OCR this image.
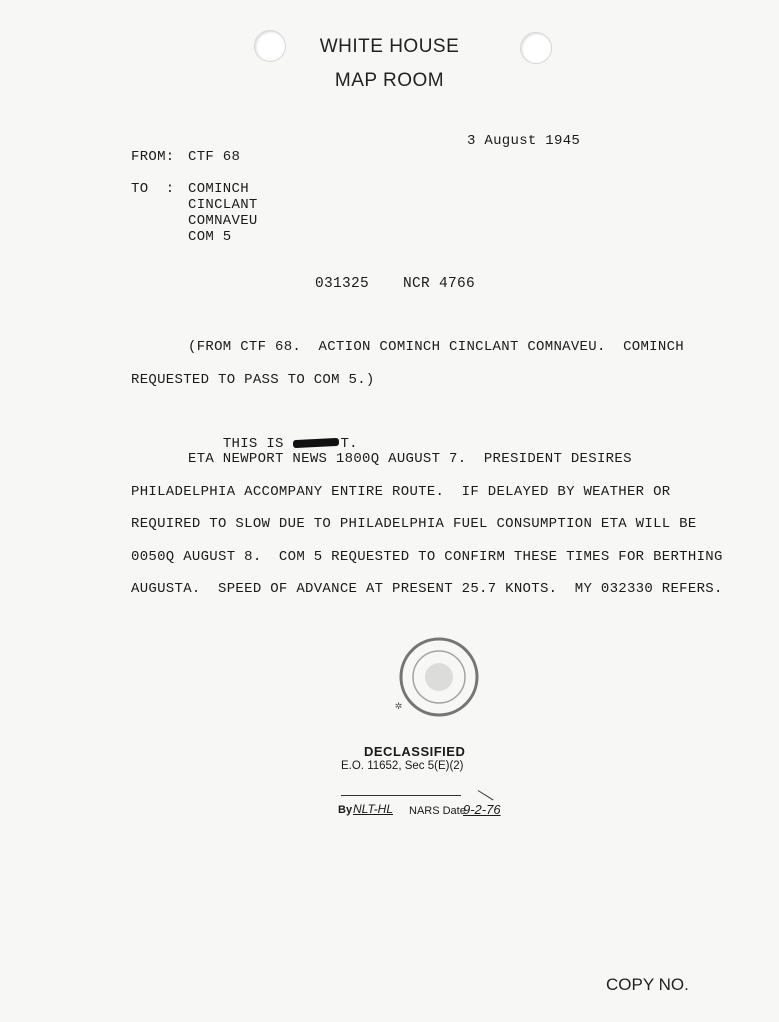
WHITE HOUSE
MAP ROOM
3 August 1945
FROM: CTF 68
TO  : COMINCH
CINCLANT
COMNAVEU
COM 5
031325 NCR 4766
(FROM CTF 68.  ACTION COMINCH CINCLANT COMNAVEU.  COMINCH
REQUESTED TO PASS TO COM 5.)

THIS IS	T.

ETA NEWPORT NEWS 1800Q AUGUST 7.  PRESIDENT DESIRES
PHILADELPHIA ACCOMPANY ENTIRE ROUTE.  IF DELAYED BY WEATHER OR
REQUIRED TO SLOW DUE TO PHILADELPHIA FUEL CONSUMPTION ETA WILL BE
0050Q AUGUST 8.  COM 5 REQUESTED TO CONFIRM THESE TIMES FOR BERTHING
AUGUSTA.  SPEED OF ADVANCE AT PRESENT 25.7 KNOTS.  MY 032330 REFERS.
✲
DECLASSIFIED
E.O. 11652, Sec 5(E)(2)
By NLT-HL NARS Date
9-2-76
COPY NO.
